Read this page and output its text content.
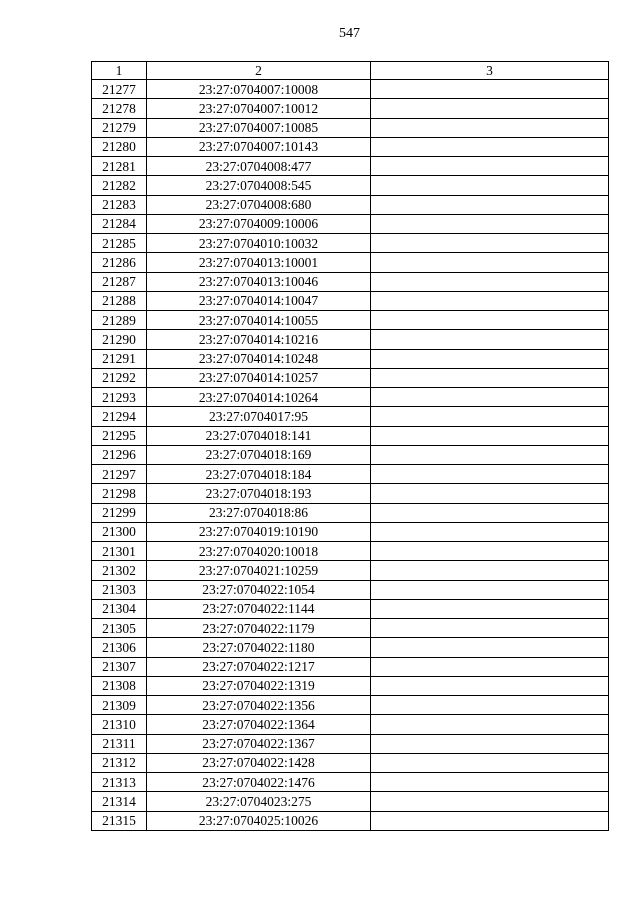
547
1	2	3
21277	23:27:0704007:10008	
21278	23:27:0704007:10012	
21279	23:27:0704007:10085	
21280	23:27:0704007:10143	
21281	23:27:0704008:477	
21282	23:27:0704008:545	
21283	23:27:0704008:680	
21284	23:27:0704009:10006	
21285	23:27:0704010:10032	
21286	23:27:0704013:10001	
21287	23:27:0704013:10046	
21288	23:27:0704014:10047	
21289	23:27:0704014:10055	
21290	23:27:0704014:10216	
21291	23:27:0704014:10248	
21292	23:27:0704014:10257	
21293	23:27:0704014:10264	
21294	23:27:0704017:95	
21295	23:27:0704018:141	
21296	23:27:0704018:169	
21297	23:27:0704018:184	
21298	23:27:0704018:193	
21299	23:27:0704018:86	
21300	23:27:0704019:10190	
21301	23:27:0704020:10018	
21302	23:27:0704021:10259	
21303	23:27:0704022:1054	
21304	23:27:0704022:1144	
21305	23:27:0704022:1179	
21306	23:27:0704022:1180	
21307	23:27:0704022:1217	
21308	23:27:0704022:1319	
21309	23:27:0704022:1356	
21310	23:27:0704022:1364	
21311	23:27:0704022:1367	
21312	23:27:0704022:1428	
21313	23:27:0704022:1476	
21314	23:27:0704023:275	
21315	23:27:0704025:10026	
